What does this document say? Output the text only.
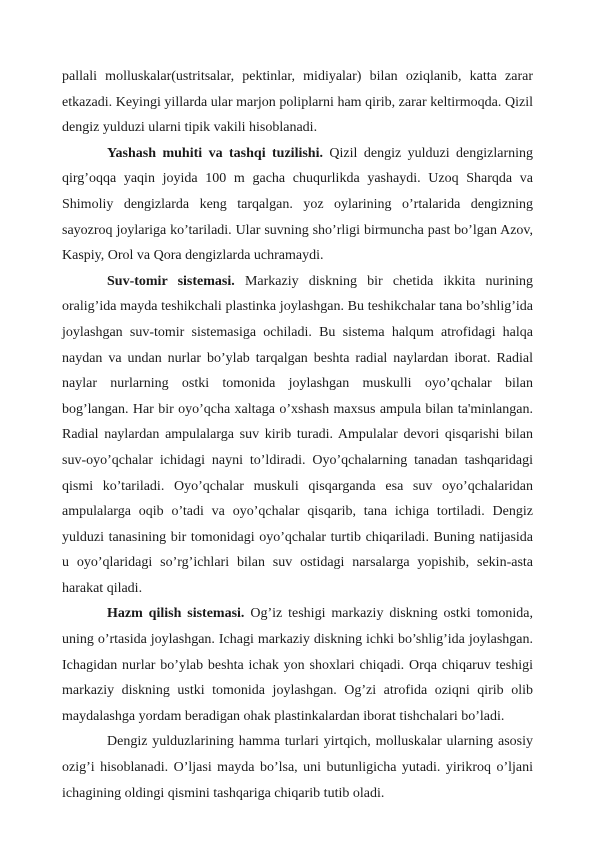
pallali molluskalar(ustritsalar, pektinlar, midiyalar) bilan oziqlanib, katta zarar etkazadi. Keyingi yillarda ular marjon poliplarni ham qirib, zarar keltirmoqda. Qizil dengiz yulduzi ularni tipik vakili hisoblanadi.

Yashash muhiti va tashqi tuzilishi. Qizil dengiz yulduzi dengizlarning qirg’oqqa yaqin joyida 100 m gacha chuqurlikda yashaydi. Uzoq Sharqda va Shimoliy dengizlarda keng tarqalgan. yoz oylarining o’rtalarida dengizning sayozroq joylariga ko’tariladi. Ular suvning sho’rligi birmuncha past bo’lgan Azov, Kaspiy, Orol va Qora dengizlarda uchramaydi.

Suv-tomir sistemasi. Markaziy diskning bir chetida ikkita nurining oralig’ida mayda teshikchali plastinka joylashgan. Bu teshikchalar tana bo’shlig’ida joylashgan suv-tomir sistemasiga ochiladi. Bu sistema halqum atrofidagi halqa naydan va undan nurlar bo’ylab tarqalgan beshta radial naylardan iborat. Radial naylar nurlarning ostki tomonida joylashgan muskulli oyo’qchalar bilan bog’langan. Har bir oyo’qcha xaltaga o’xshash maxsus ampula bilan ta'minlangan. Radial naylardan ampulalarga suv kirib turadi. Ampulalar devori qisqarishi bilan suv-oyo’qchalar ichidagi nayni to’ldiradi. Oyo’qchalarning tanadan tashqaridagi qismi ko’tariladi. Oyo’qchalar muskuli qisqarganda esa suv oyo’qchalaridan ampulalarga oqib o’tadi va oyo’qchalar qisqarib, tana ichiga tortiladi. Dengiz yulduzi tanasining bir tomonidagi oyo’qchalar turtib chiqariladi. Buning natijasida u oyo’qlaridagi so’rg’ichlari bilan suv ostidagi narsalarga yopishib, sekin-asta harakat qiladi.

Hazm qilish sistemasi. Og’iz teshigi markaziy diskning ostki tomonida, uning o’rtasida joylashgan. Ichagi markaziy diskning ichki bo’shlig’ida joylashgan. Ichagidan nurlar bo’ylab beshta ichak yon shoxlari chiqadi. Orqa chiqaruv teshigi markaziy diskning ustki tomonida joylashgan. Og’zi atrofida oziqni qirib olib maydalashga yordam beradigan ohak plastinkalardan iborat tishchalari bo’ladi.

Dengiz yulduzlarining hamma turlari yirtqich, molluskalar ularning asosiy ozig’i hisoblanadi. O’ljasi mayda bo’lsa, uni butunligicha yutadi. yirikroq o’ljani ichagining oldingi qismini tashqariga chiqarib tutib oladi.
